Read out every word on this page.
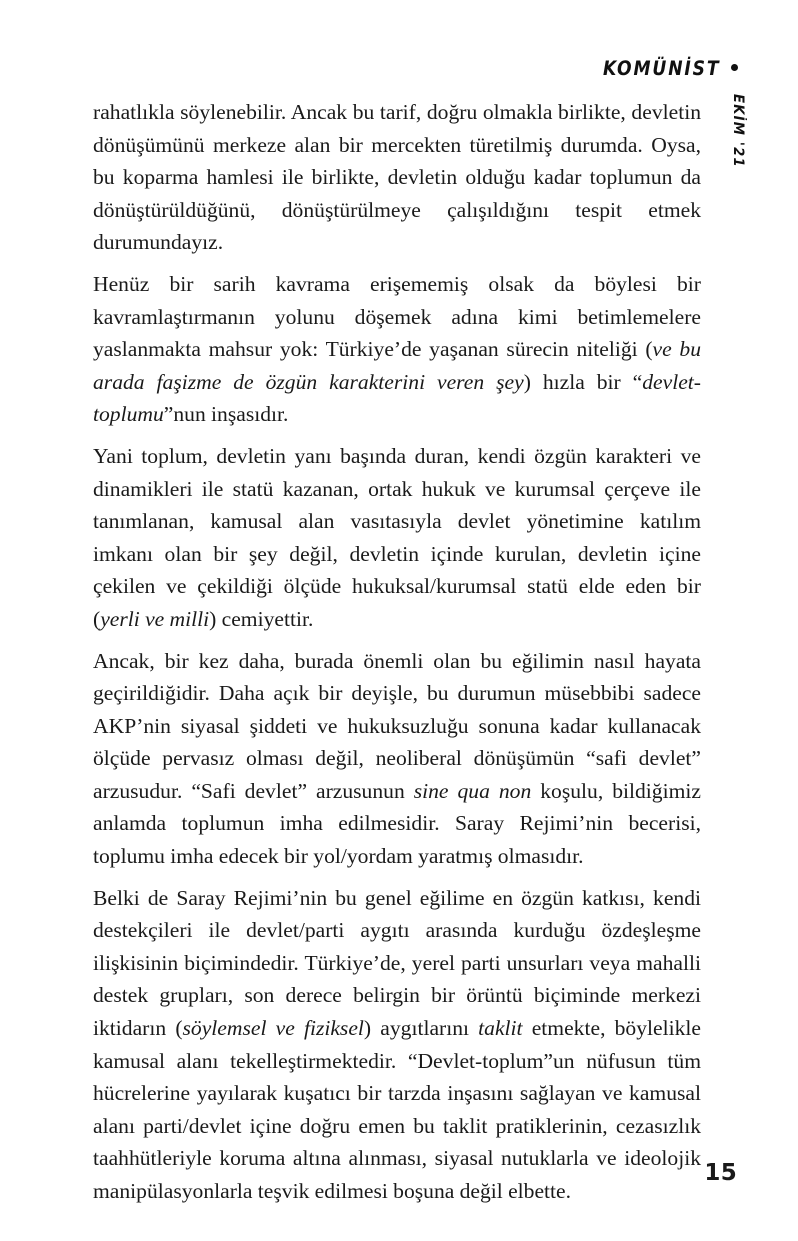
KOMÜNİST
EKİM '21

rahatlıkla söylenebilir. Ancak bu tarif, doğru olmakla birlikte, devletin dönüşümünü merkeze alan bir mercekten türetilmiş durumda. Oysa, bu koparma hamlesi ile birlikte, devletin olduğu kadar toplumun da dönüştürüldüğünü, dönüştürülmeye çalışıldığını tespit etmek durumundayız.

Henüz bir sarih kavrama erişememiş olsak da böylesi bir kavramlaştırmanın yolunu döşemek adına kimi betimlemelere yaslanmakta mahsur yok: Türkiye’de yaşanan sürecin niteliği (ve bu arada faşizme de özgün karakterini veren şey) hızla bir “devlet-toplumu”nun inşasıdır.

Yani toplum, devletin yanı başında duran, kendi özgün karakteri ve dinamikleri ile statü kazanan, ortak hukuk ve kurumsal çerçeve ile tanımlanan, kamusal alan vasıtasıyla devlet yönetimine katılım imkanı olan bir şey değil, devletin içinde kurulan, devletin içine çekilen ve çekildiği ölçüde hukuksal/kurumsal statü elde eden bir (yerli ve milli) cemiyettir.

Ancak, bir kez daha, burada önemli olan bu eğilimin nasıl hayata geçirildiğidir. Daha açık bir deyişle, bu durumun müsebbibi sadece AKP’nin siyasal şiddeti ve hukuksuzluğu sonuna kadar kullanacak ölçüde pervasız olması değil, neoliberal dönüşümün “safi devlet” arzusudur. “Safi devlet” arzusunun sine qua non koşulu, bildiğimiz anlamda toplumun imha edilmesidir. Saray Rejimi’nin becerisi, toplumu imha edecek bir yol/yordam yaratmış olmasıdır.

Belki de Saray Rejimi’nin bu genel eğilime en özgün katkısı, kendi destekçileri ile devlet/parti aygıtı arasında kurduğu özdeşleşme ilişkisinin biçimindedir. Türkiye’de, yerel parti unsurları veya mahalli destek grupları, son derece belirgin bir örüntü biçiminde merkezi iktidarın (söylemsel ve fiziksel) aygıtlarını taklit etmekte, böylelikle kamusal alanı tekelleştirmektedir. “Devlet-toplum”un nüfusun tüm hücrelerine yayılarak kuşatıcı bir tarzda inşasını sağlayan ve kamusal alanı parti/devlet içine doğru emen bu taklit pratiklerinin, cezasızlık taahhütleriyle koruma altına alınması, siyasal nutuklarla ve ideolojik manipülasyonlarla teşvik edilmesi boşuna değil elbette.

15
